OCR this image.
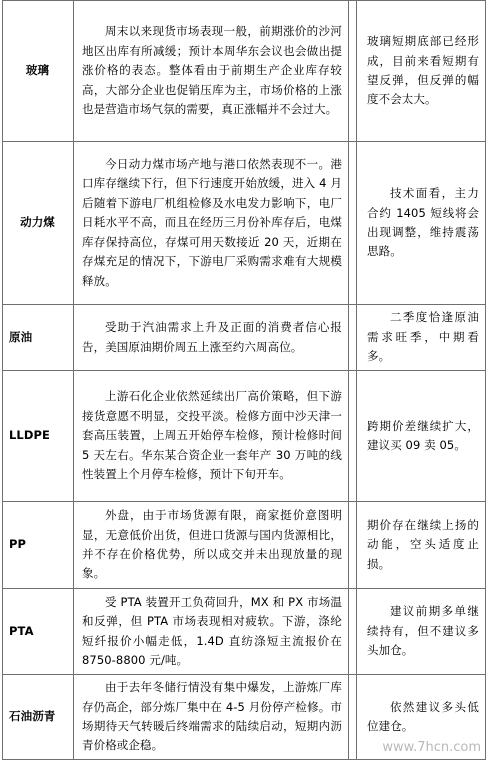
玻璃	周末以来现货市场表现一般，前期涨价的沙河地区出库有所减缓；预计本周华东会议也会做出提涨价格的表态。整体看由于前期生产企业库存较高，大部分企业也促销压库为主，市场价格的上涨也是营造市场气氛的需要，真正涨幅并不会过大。		玻璃短期底部已经形成，目前来看短期有望反弹，但反弹的幅度不会太大。
动力煤	今日动力煤市场产地与港口依然表现不一。港口库存继续下行，但下行速度开始放缓，进入 4 月后随着下游电厂机组检修及水电发力影响下，电厂日耗水平不高，而且在经历三月份补库存后，电煤库存保持高位，存煤可用天数接近 20 天，近期在存煤充足的情况下，下游电厂采购需求难有大规模释放。		技术面看，主力合约 1405 短线将会出现调整，维持震荡思路。
原油	受助于汽油需求上升及正面的消费者信心报告，美国原油期价周五上涨至约六周高位。		二季度恰逢原油需求旺季，中期看多。
LLDPE	上游石化企业依然延续出厂高价策略，但下游接货意愿不明显，交投平淡。检修方面中沙天津一套高压装置，上周五开始停车检修，预计检修时间 5 天左右。华东某合资企业一套年产 30 万吨的线性装置上个月停车检修，预计下旬开车。		跨期价差继续扩大，建议买 09 卖 05。
PP	外盘，由于市场货源有限，商家挺价意图明显，无意低价出货，但进口货源与国内货源相比，并不存在价格优势，所以成交并未出现放量的现象。		期价存在继续上扬的动能，空头适度止损。
PTA	受 PTA 装置开工负荷回升，MX 和 PX 市场温和反弹，但 PTA 市场表现相对疲软。下游，涤纶短纤报价小幅走低，1.4D 直纺涤短主流报价在 8750-8800 元/吨。		建议前期多单继续持有，但不建议多头加仓。
石油沥青	由于去年冬储行情没有集中爆发，上游炼厂库存仍高企，部分炼厂集中在 4-5 月份停产检修。市场期待天气转暖后终端需求的陆续启动，短期内沥青价格或企稳。		依然建议多头低位建仓。
www.7hcn.com
